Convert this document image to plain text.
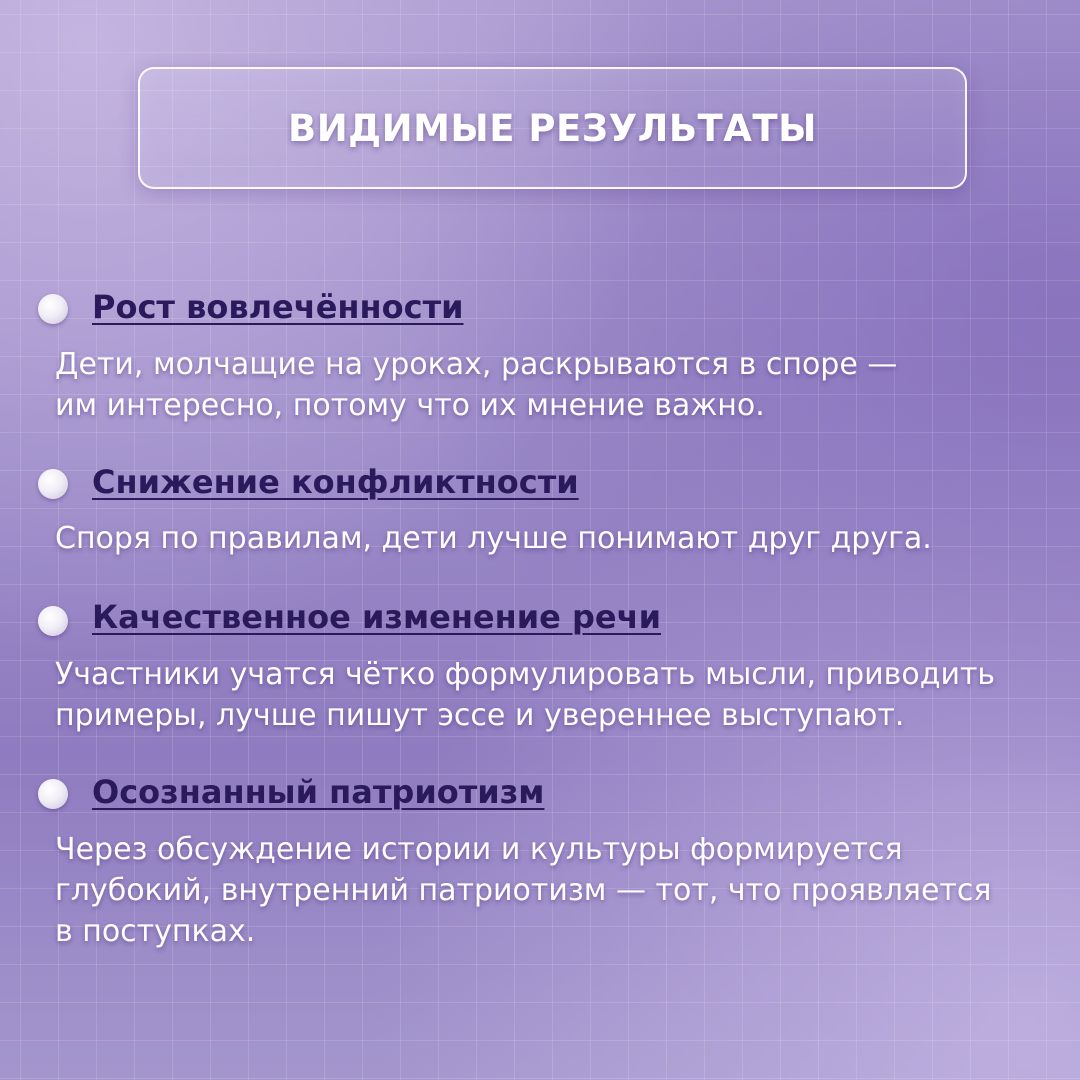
ВИДИМЫЕ РЕЗУЛЬТАТЫ
Рост вовлечённости
Дети, молчащие на уроках, раскрываются в споре —
им интересно, потому что их мнение важно.
Снижение конфликтности
Споря по правилам, дети лучше понимают друг друга.
Качественное изменение речи
Участники учатся чётко формулировать мысли, приводить
примеры, лучше пишут эссе и увереннее выступают.
Осознанный патриотизм
Через обсуждение истории и культуры формируется
глубокий, внутренний патриотизм — тот, что проявляется
в поступках.
